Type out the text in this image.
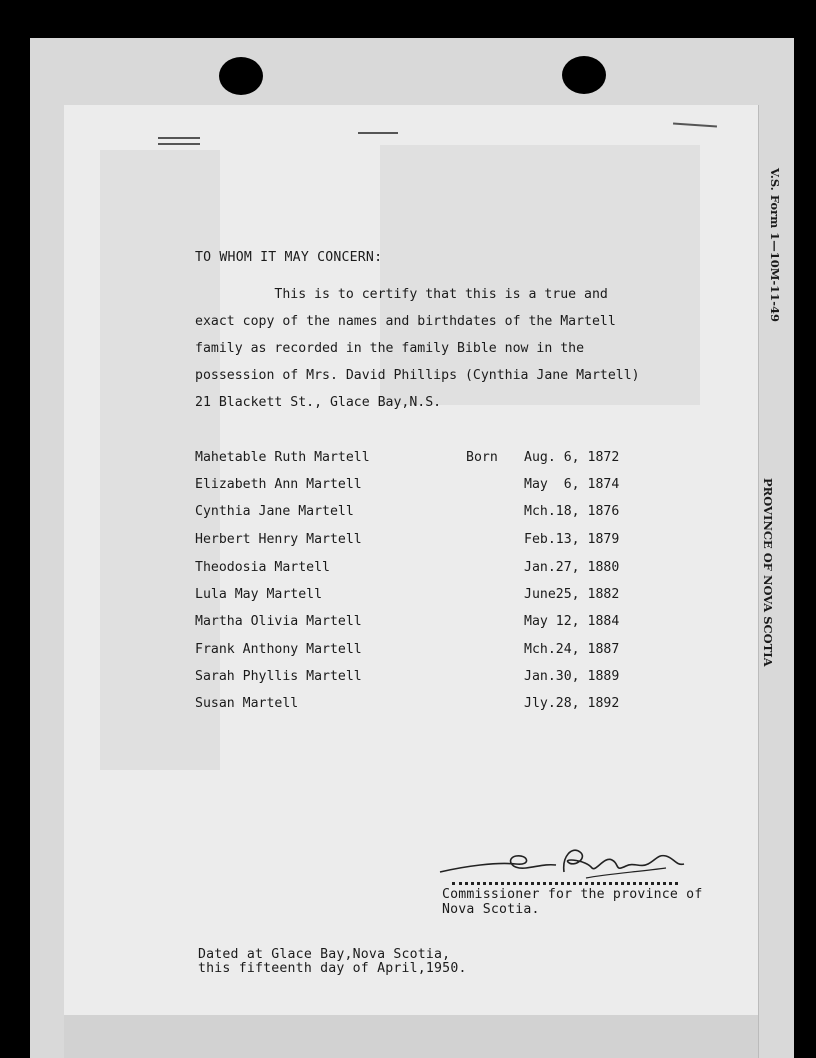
V.S. Form 1—10M-11-49
PROVINCE OF NOVA SCOTIA
TO WHOM IT MAY CONCERN:
This is to certify that this is a true and
exact copy of the names and birthdates of the Martell
family as recorded in the family Bible now in the
possession of Mrs. David Phillips (Cynthia Jane Martell)
21 Blackett St., Glace Bay,N.S.
Mahetable Ruth Martell	Born Aug. 6, 1872
Elizabeth Ann Martell	May  6, 1874
Cynthia Jane Martell	Mch.18, 1876
Herbert Henry Martell	Feb.13, 1879
Theodosia Martell	Jan.27, 1880
Lula May Martell	June25, 1882
Martha Olivia Martell	May 12, 1884
Frank Anthony Martell	Mch.24, 1887
Sarah Phyllis Martell	Jan.30, 1889
Susan Martell	Jly.28, 1892
Commissioner for the province of
Nova Scotia.
Dated at Glace Bay,Nova Scotia,
this fifteenth day of April,1950.
